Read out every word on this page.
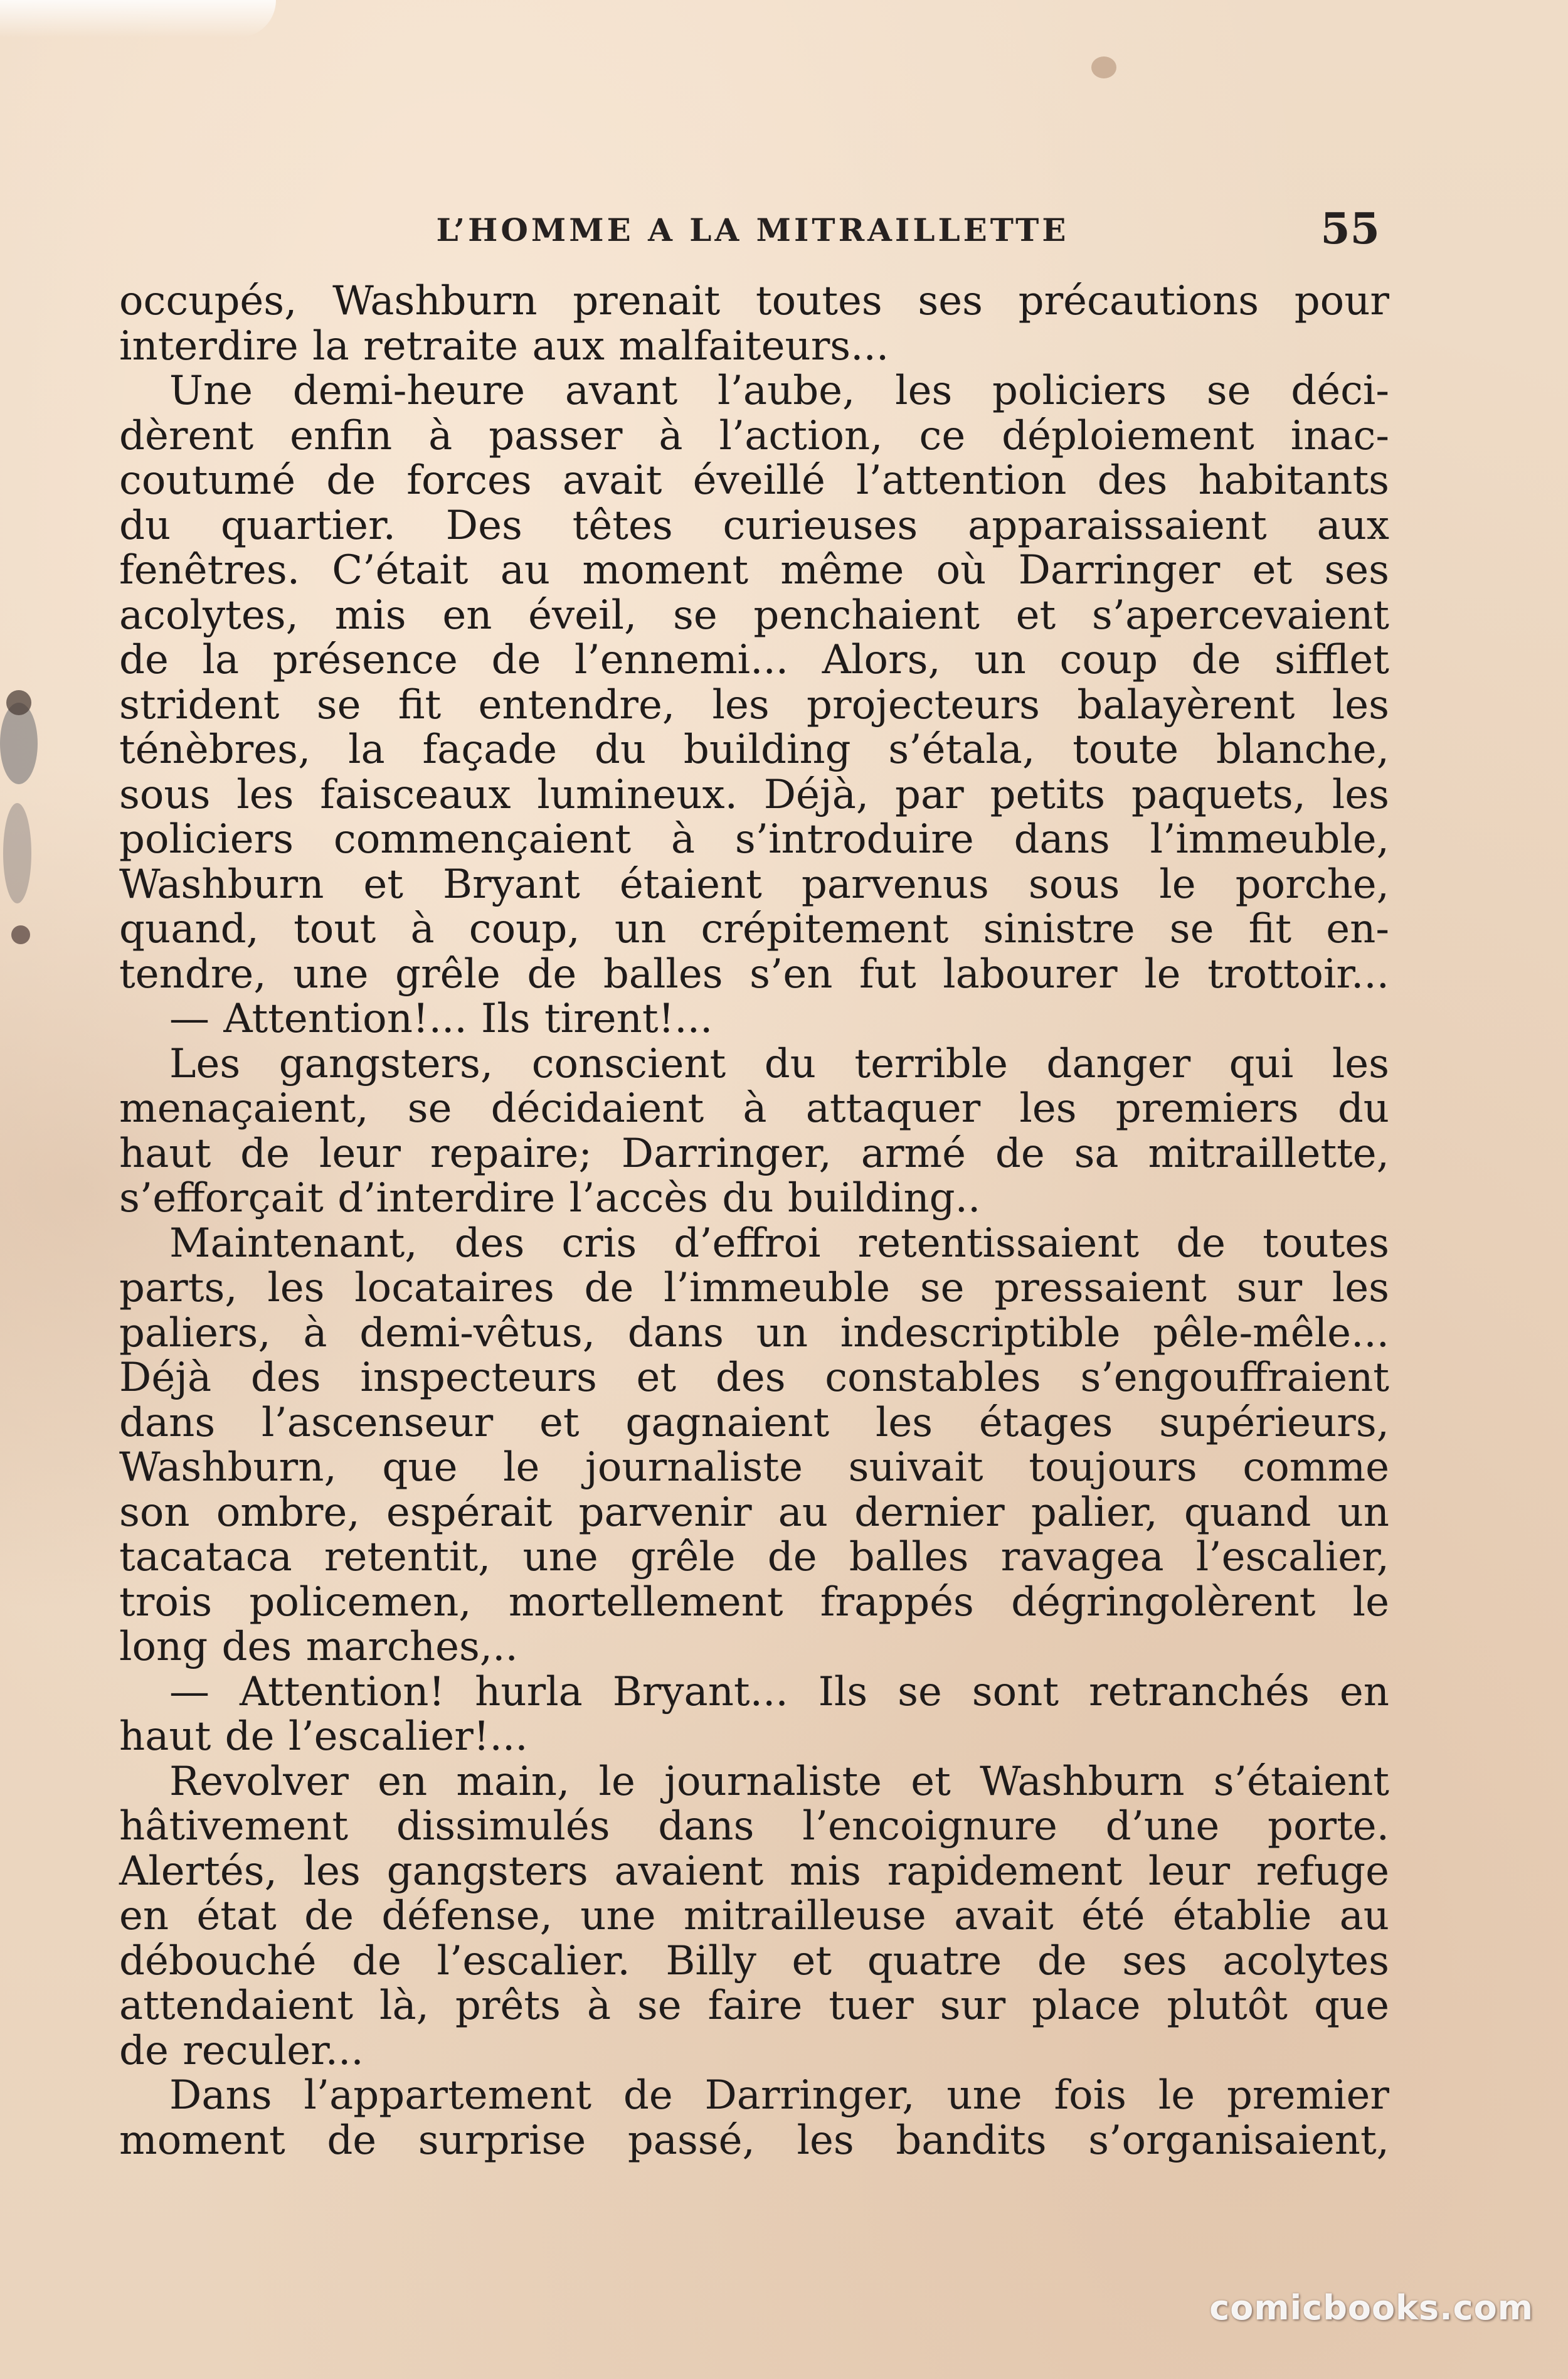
L’HOMME A LA MITRAILLETTE	55

occupés, Washburn prenait toutes ses précautions pour

interdire la retraite aux malfaiteurs...

Une demi-heure avant l’aube, les policiers se déci-

dèrent enfin à passer à l’action, ce déploiement inac-

coutumé de forces avait éveillé l’attention des habitants

du quartier. Des têtes curieuses apparaissaient aux

fenêtres. C’était au moment même où Darringer et ses

acolytes, mis en éveil, se penchaient et s’apercevaient

de la présence de l’ennemi... Alors, un coup de sifflet

strident se fit entendre, les projecteurs balayèrent les

ténèbres, la façade du building s’étala, toute blanche,

sous les faisceaux lumineux. Déjà, par petits paquets, les

policiers commençaient à s’introduire dans l’immeuble,

Washburn et Bryant étaient parvenus sous le porche,

quand, tout à coup, un crépitement sinistre se fit en-

tendre, une grêle de balles s’en fut labourer le trottoir...

— Attention!... Ils tirent!...

Les gangsters, conscient du terrible danger qui les

menaçaient, se décidaient à attaquer les premiers du

haut de leur repaire; Darringer, armé de sa mitraillette,

s’efforçait d’interdire l’accès du building..

Maintenant, des cris d’effroi retentissaient de toutes

parts, les locataires de l’immeuble se pressaient sur les

paliers, à demi-vêtus, dans un indescriptible pêle-mêle...

Déjà des inspecteurs et des constables s’engouffraient

dans l’ascenseur et gagnaient les étages supérieurs,

Washburn, que le journaliste suivait toujours comme

son ombre, espérait parvenir au dernier palier, quand un

tacataca retentit, une grêle de balles ravagea l’escalier,

trois policemen, mortellement frappés dégringolèrent le

long des marches,..

— Attention! hurla Bryant... Ils se sont retranchés en

haut de l’escalier!...

Revolver en main, le journaliste et Washburn s’étaient

hâtivement dissimulés dans l’encoignure d’une porte.

Alertés, les gangsters avaient mis rapidement leur refuge

en état de défense, une mitrailleuse avait été établie au

débouché de l’escalier. Billy et quatre de ses acolytes

attendaient là, prêts à se faire tuer sur place plutôt que

de reculer...

Dans l’appartement de Darringer, une fois le premier

moment de surprise passé, les bandits s’organisaient,

comicbooks.com
